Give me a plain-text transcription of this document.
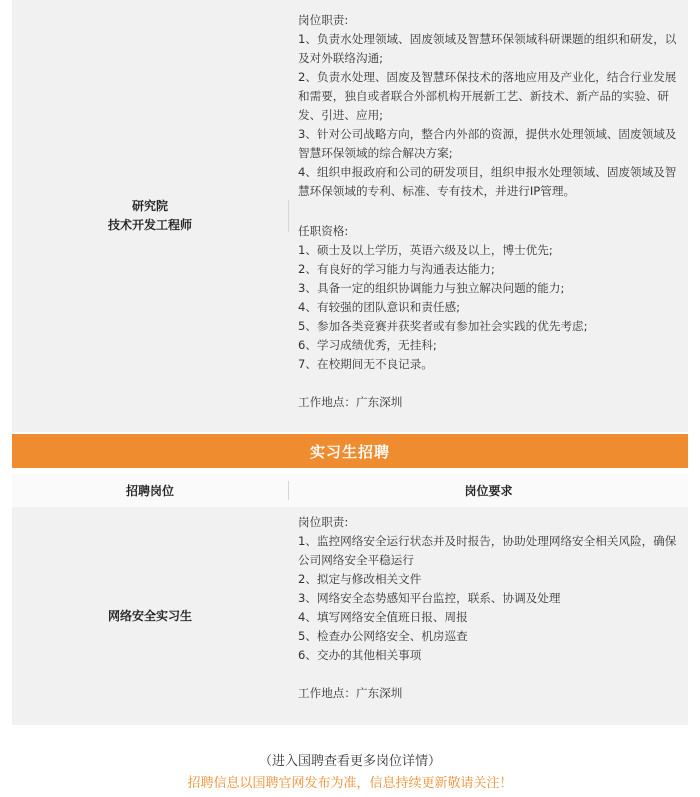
研究院
技术开发工程师
岗位职责:
1、负责水处理领域、固废领域及智慧环保领域科研课题的组织和研发，以及对外联络沟通;
2、负责水处理、固废及智慧环保技术的落地应用及产业化，结合行业发展和需要，独自或者联合外部机构开展新工艺、新技术、新产品的实验、研发、引进、应用;
3、针对公司战略方向，整合内外部的资源，提供水处理领域、固废领域及智慧环保领域的综合解决方案;
4、组织申报政府和公司的研发项目，组织申报水处理领域、固废领域及智慧环保领域的专利、标准、专有技术，并进行IP管理。
任职资格:
1、硕士及以上学历，英语六级及以上，博士优先;
2、有良好的学习能力与沟通表达能力;
3、具备一定的组织协调能力与独立解决问题的能力;
4、有较强的团队意识和责任感;
5、参加各类竞赛并获奖者或有参加社会实践的优先考虑;
6、学习成绩优秀，无挂科;
7、在校期间无不良记录。
工作地点：广东深圳
实习生招聘
招聘岗位	岗位要求
网络安全实习生
岗位职责:
1、监控网络安全运行状态并及时报告，协助处理网络安全相关风险，确保公司网络安全平稳运行
2、拟定与修改相关文件
3、网络安全态势感知平台监控，联系、协调及处理
4、填写网络安全值班日报、周报
5、检查办公网络安全、机房巡查
6、交办的其他相关事项
工作地点：广东深圳
（进入国聘查看更多岗位详情）
招聘信息以国聘官网发布为准，信息持续更新敬请关注！
